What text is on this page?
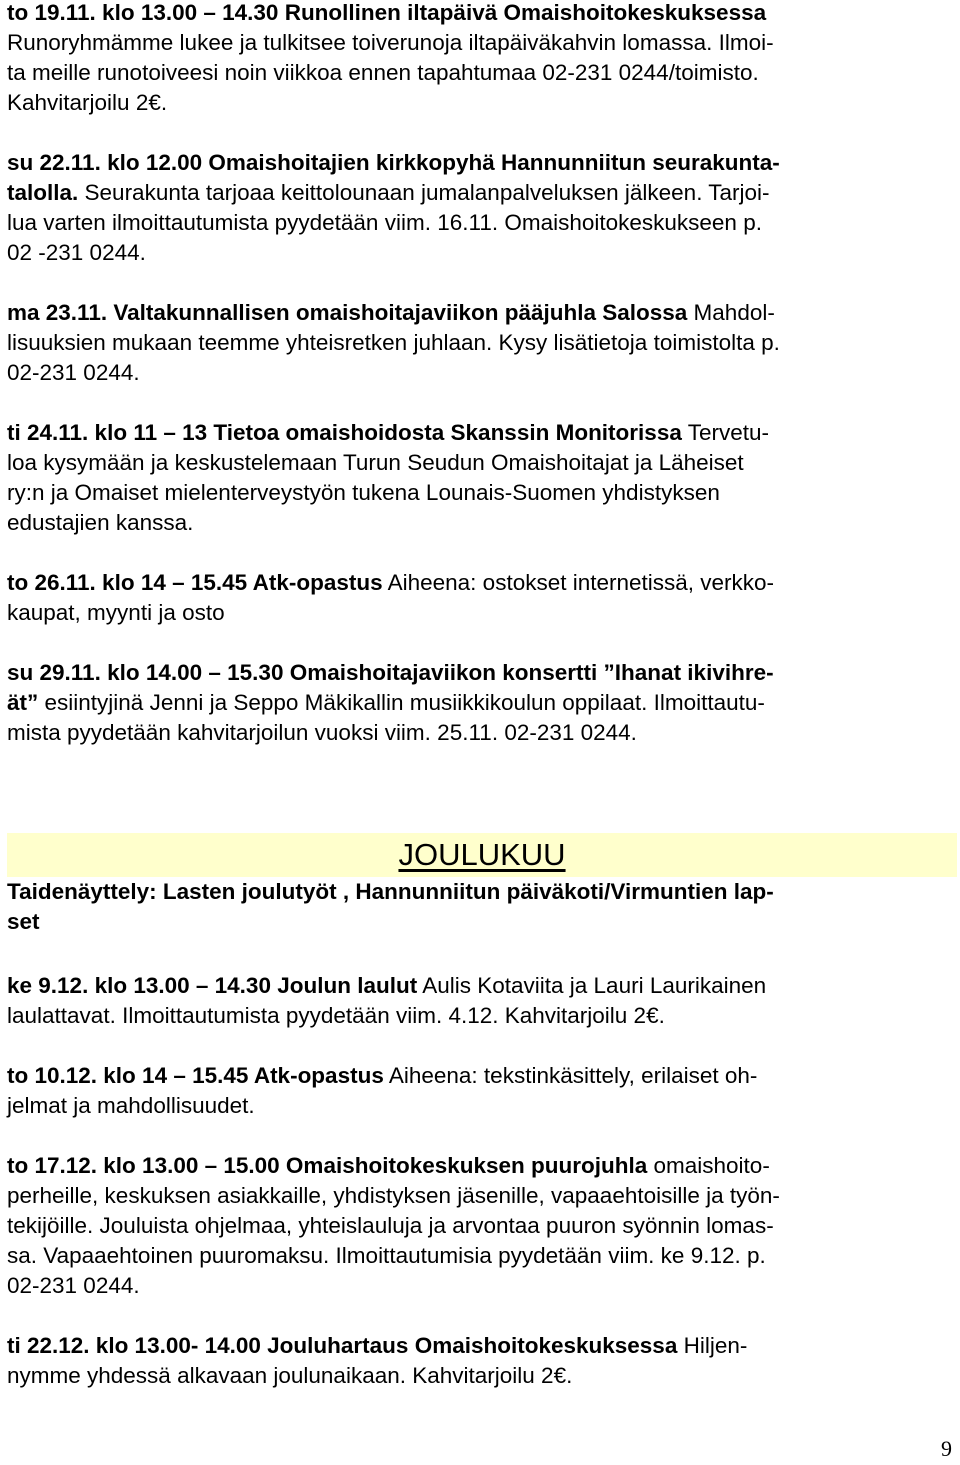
to 19.11. klo 13.00 – 14.30 Runollinen iltapäivä Omaishoitokeskuksessa
Runoryhmämme lukee ja tulkitsee toiverunoja iltapäiväkahvin lomassa. Ilmoi-
ta meille runotoiveesi noin viikkoa ennen tapahtumaa 02-231 0244/toimisto.
Kahvitarjoilu 2€.
su 22.11. klo 12.00 Omaishoitajien kirkkopyhä Hannunniitun seurakunta-
talolla. Seurakunta tarjoaa keittolounaan jumalanpalveluksen jälkeen. Tarjoi-
lua varten ilmoittautumista pyydetään viim. 16.11. Omaishoitokeskukseen p.
02 -231 0244.
ma 23.11. Valtakunnallisen omaishoitajaviikon pääjuhla Salossa Mahdol-
lisuuksien mukaan teemme yhteisretken juhlaan. Kysy lisätietoja toimistolta p.
02-231 0244.
ti 24.11. klo 11 – 13 Tietoa omaishoidosta Skanssin Monitorissa Tervetu-
loa kysymään ja keskustelemaan Turun Seudun Omaishoitajat ja Läheiset
ry:n ja Omaiset mielenterveystyön tukena Lounais-Suomen yhdistyksen
edustajien kanssa.
to 26.11. klo 14 – 15.45 Atk-opastus Aiheena: ostokset internetissä, verkko-
kaupat, myynti ja osto
su 29.11. klo 14.00 – 15.30 Omaishoitajaviikon konsertti ”Ihanat ikivihre-
ät” esiintyjinä Jenni ja Seppo Mäkikallin musiikkikoulun oppilaat. Ilmoittautu-
mista pyydetään kahvitarjoilun vuoksi viim. 25.11. 02-231 0244.
Taidenäyttely: Lasten joulutyöt , Hannunniitun päiväkoti/Virmuntien lap-
set
ke 9.12. klo 13.00 – 14.30 Joulun laulut Aulis Kotaviita ja Lauri Laurikainen
laulattavat. Ilmoittautumista pyydetään viim. 4.12. Kahvitarjoilu 2€.
to 10.12. klo 14 – 15.45 Atk-opastus Aiheena: tekstinkäsittely, erilaiset oh-
jelmat ja mahdollisuudet.
to 17.12. klo 13.00 – 15.00 Omaishoitokeskuksen puurojuhla omaishoito-
perheille, keskuksen asiakkaille, yhdistyksen jäsenille, vapaaehtoisille ja työn-
tekijöille. Jouluista ohjelmaa, yhteislauluja ja arvontaa puuron syönnin lomas-
sa. Vapaaehtoinen puuromaksu. Ilmoittautumisia pyydetään viim. ke 9.12. p.
02-231 0244.
ti 22.12. klo 13.00- 14.00 Jouluhartaus Omaishoitokeskuksessa Hiljen-
nymme yhdessä alkavaan joulunaikaan. Kahvitarjoilu 2€.
JOULUKUU
9
